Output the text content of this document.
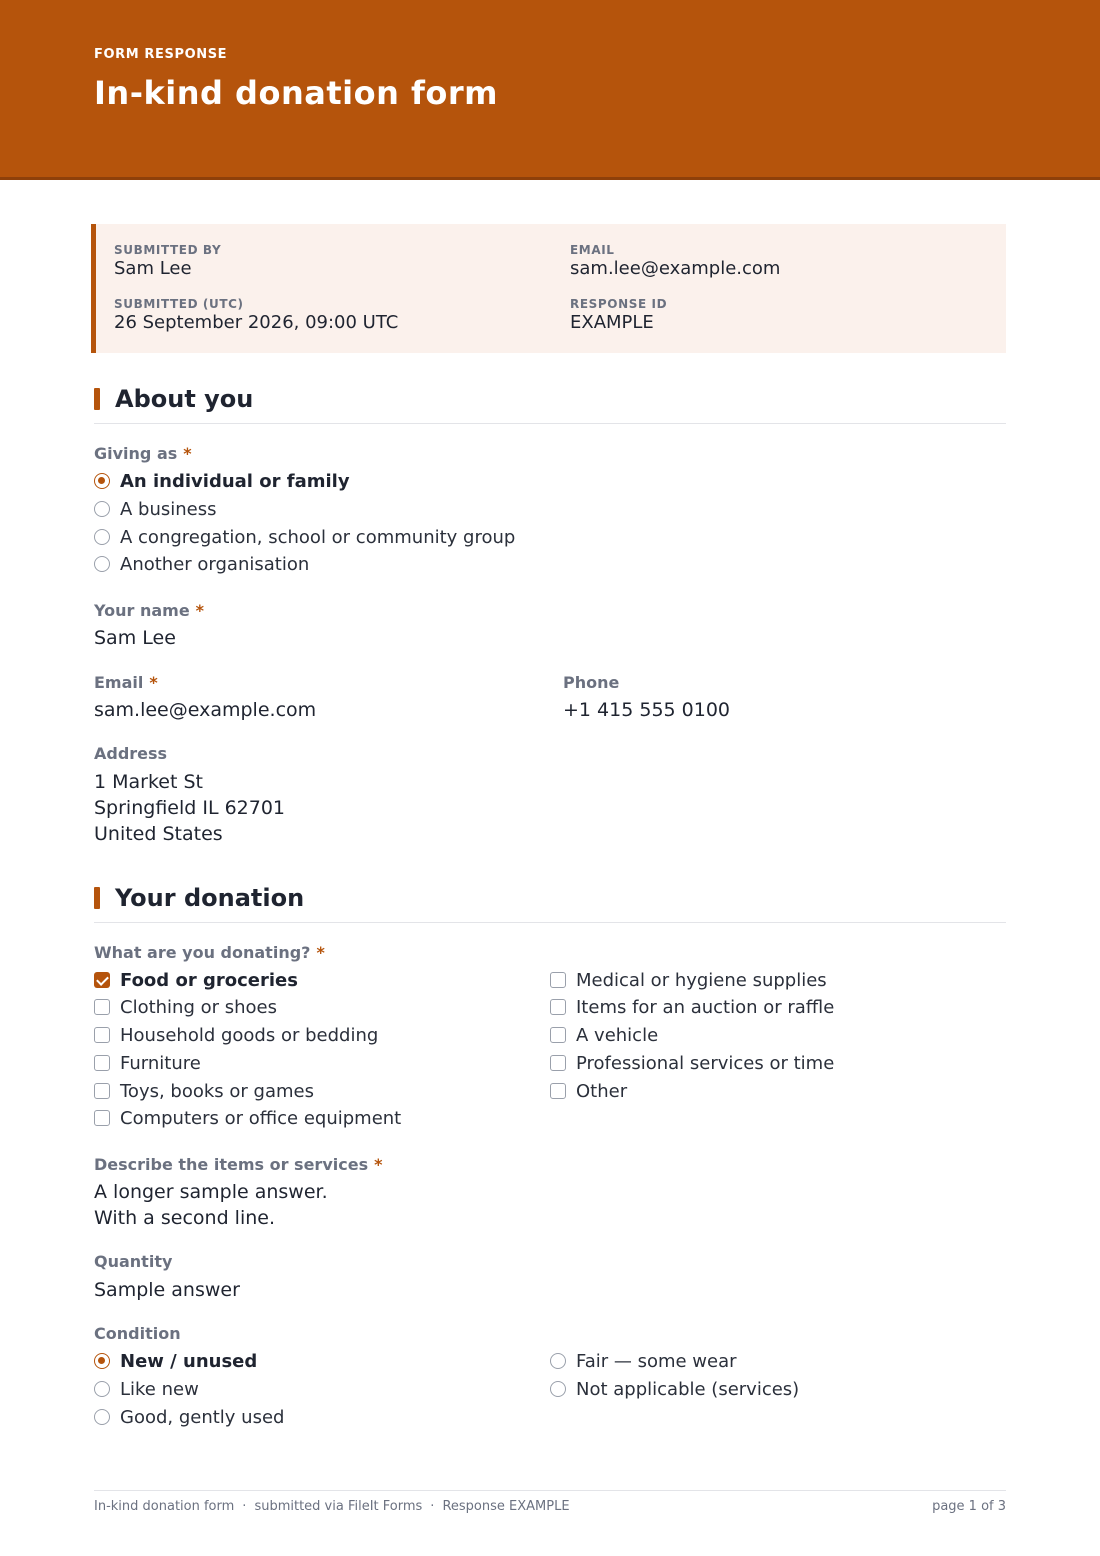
FORM RESPONSE
In-kind donation form
SUBMITTED BY
Sam Lee
EMAIL
sam.lee@example.com
SUBMITTED (UTC)
26 September 2026, 09:00 UTC
RESPONSE ID
EXAMPLE
About you
Giving as *
An individual or family
A business
A congregation, school or community group
Another organisation
Your name *
Sam Lee
Email *
sam.lee@example.com
Phone
+1 415 555 0100
Address
1 Market St
Springfield IL 62701
United States
Your donation
What are you donating? *
Food or groceries
Clothing or shoes
Household goods or bedding
Furniture
Toys, books or games
Computers or office equipment
Medical or hygiene supplies
Items for an auction or raffle
A vehicle
Professional services or time
Other
Describe the items or services *
A longer sample answer.
With a second line.
Quantity
Sample answer
Condition
New / unused
Like new
Good, gently used
Fair — some wear
Not applicable (services)
In-kind donation form · submitted via FileIt Forms · Response EXAMPLE	page 1 of 3
